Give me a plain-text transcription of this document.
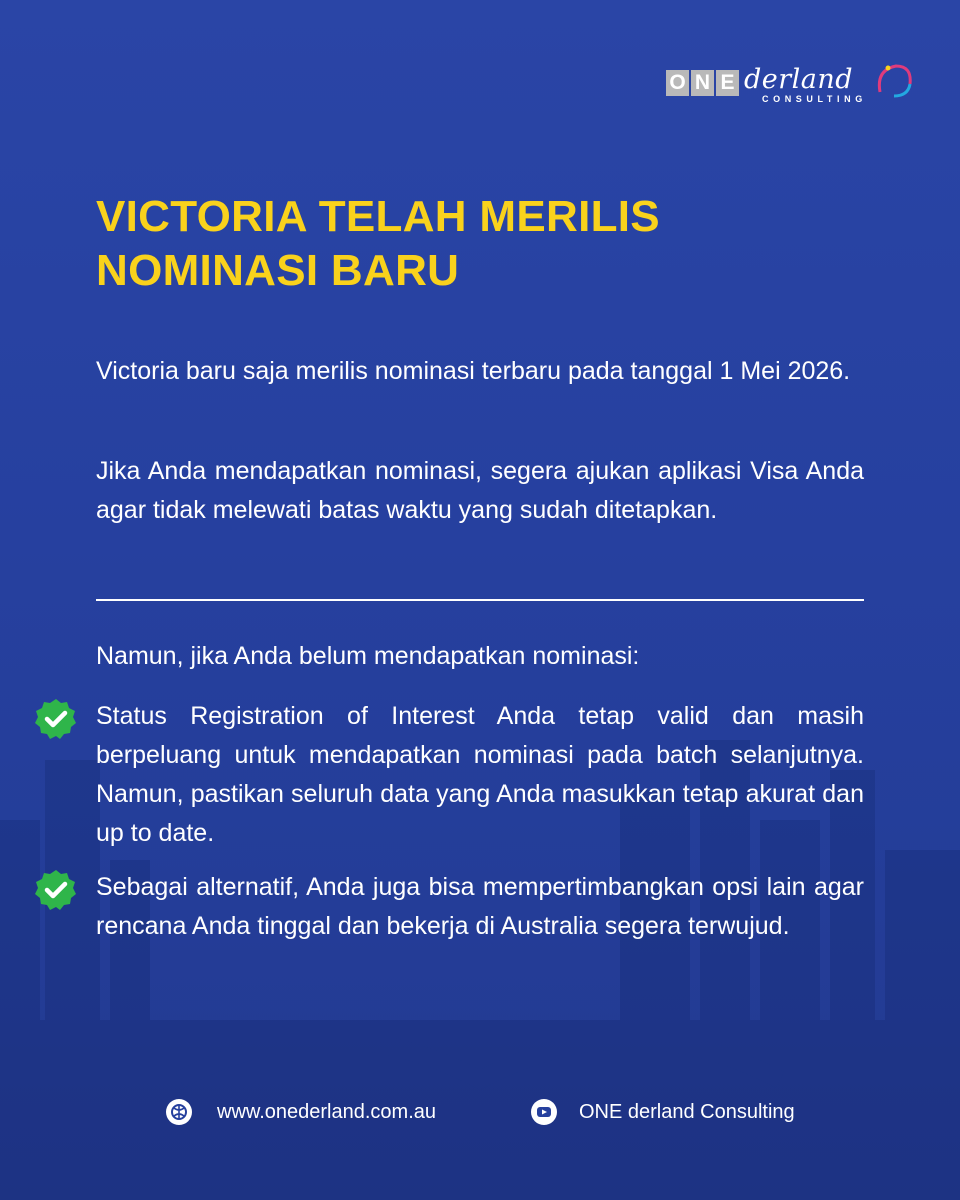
O N E derland
CONSULTING
VICTORIA TELAH MERILIS
NOMINASI BARU

Victoria baru saja merilis nominasi terbaru pada tanggal 1 Mei 2026.

Jika Anda mendapatkan nominasi, segera ajukan aplikasi Visa Anda agar tidak melewati batas waktu yang sudah ditetapkan.

Namun, jika Anda belum mendapatkan nominasi:

Status Registration of Interest Anda tetap valid dan masih berpeluang untuk mendapatkan nominasi pada batch selanjutnya. Namun, pastikan seluruh data yang Anda masukkan tetap akurat dan up to date.

Sebagai alternatif, Anda juga bisa mempertimbangkan opsi lain agar rencana Anda tinggal dan bekerja di Australia segera terwujud.

www.onederland.com.au	ONE derland Consulting
